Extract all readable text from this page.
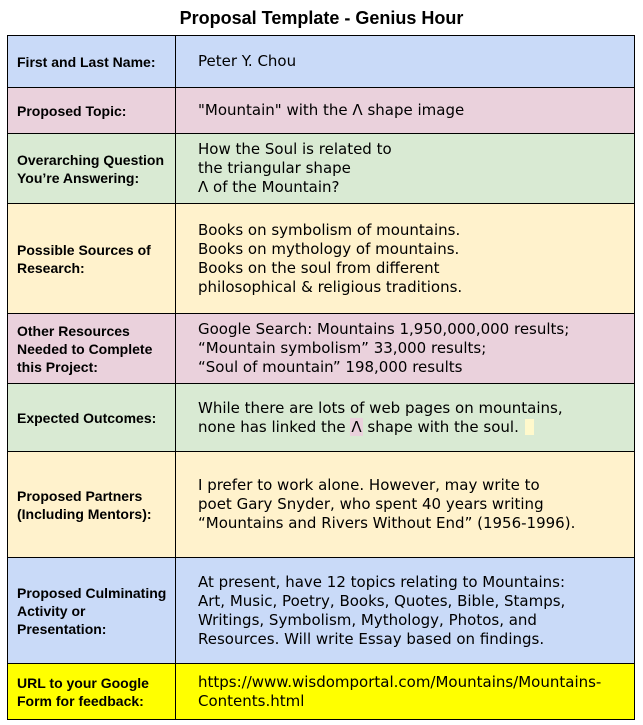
Proposal Template - Genius Hour
First and Last Name:	Peter Y. Chou
Proposed Topic:	"Mountain" with the Λ shape image
Overarching Question You’re Answering:	How the Soul is related to
the triangular shape
Λ of the Mountain?
Possible Sources of Research:	Books on symbolism of mountains.
Books on mythology of mountains.
Books on the soul from different
philosophical & religious traditions.
Other Resources Needed to Complete this Project:	Google Search: Mountains 1,950,000,000 results;
“Mountain symbolism” 33,000 results;
“Soul of mountain” 198,000 results
Expected Outcomes:	While there are lots of web pages on mountains,
none has linked the Λ shape with the soul.

Proposed Partners (Including Mentors):	I prefer to work alone. However, may write to
poet Gary Snyder, who spent 40 years writing
“Mountains and Rivers Without End” (1956-1996).
Proposed Culminating Activity or Presentation:	At present, have 12 topics relating to Mountains:
Art, Music, Poetry, Books, Quotes, Bible, Stamps,
Writings, Symbolism, Mythology, Photos, and
Resources. Will write Essay based on findings.
URL to your Google Form for feedback:	https://www.wisdomportal.com/Mountains/Mountains-Contents.html
